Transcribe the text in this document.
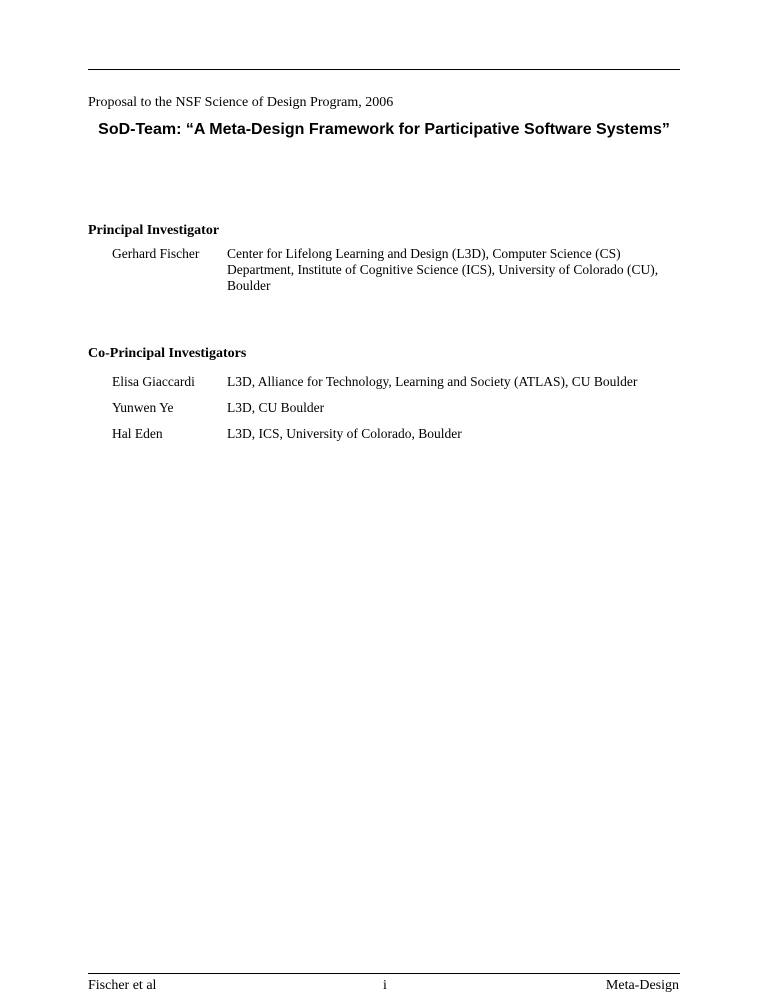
Proposal to the NSF Science of Design Program, 2006
SoD-Team: “A Meta-Design Framework for Participative Software Systems”
Principal Investigator
Gerhard Fischer Center for Lifelong Learning and Design (L3D), Computer Science (CS) Department, Institute of Cognitive Science (ICS), University of Colorado (CU), Boulder
Co-Principal Investigators
Elisa Giaccardi L3D, Alliance for Technology, Learning and Society (ATLAS), CU Boulder
Yunwen Ye	L3D, CU Boulder
Hal Eden	L3D, ICS, University of Colorado, Boulder
Fischer et al	i	Meta-Design
